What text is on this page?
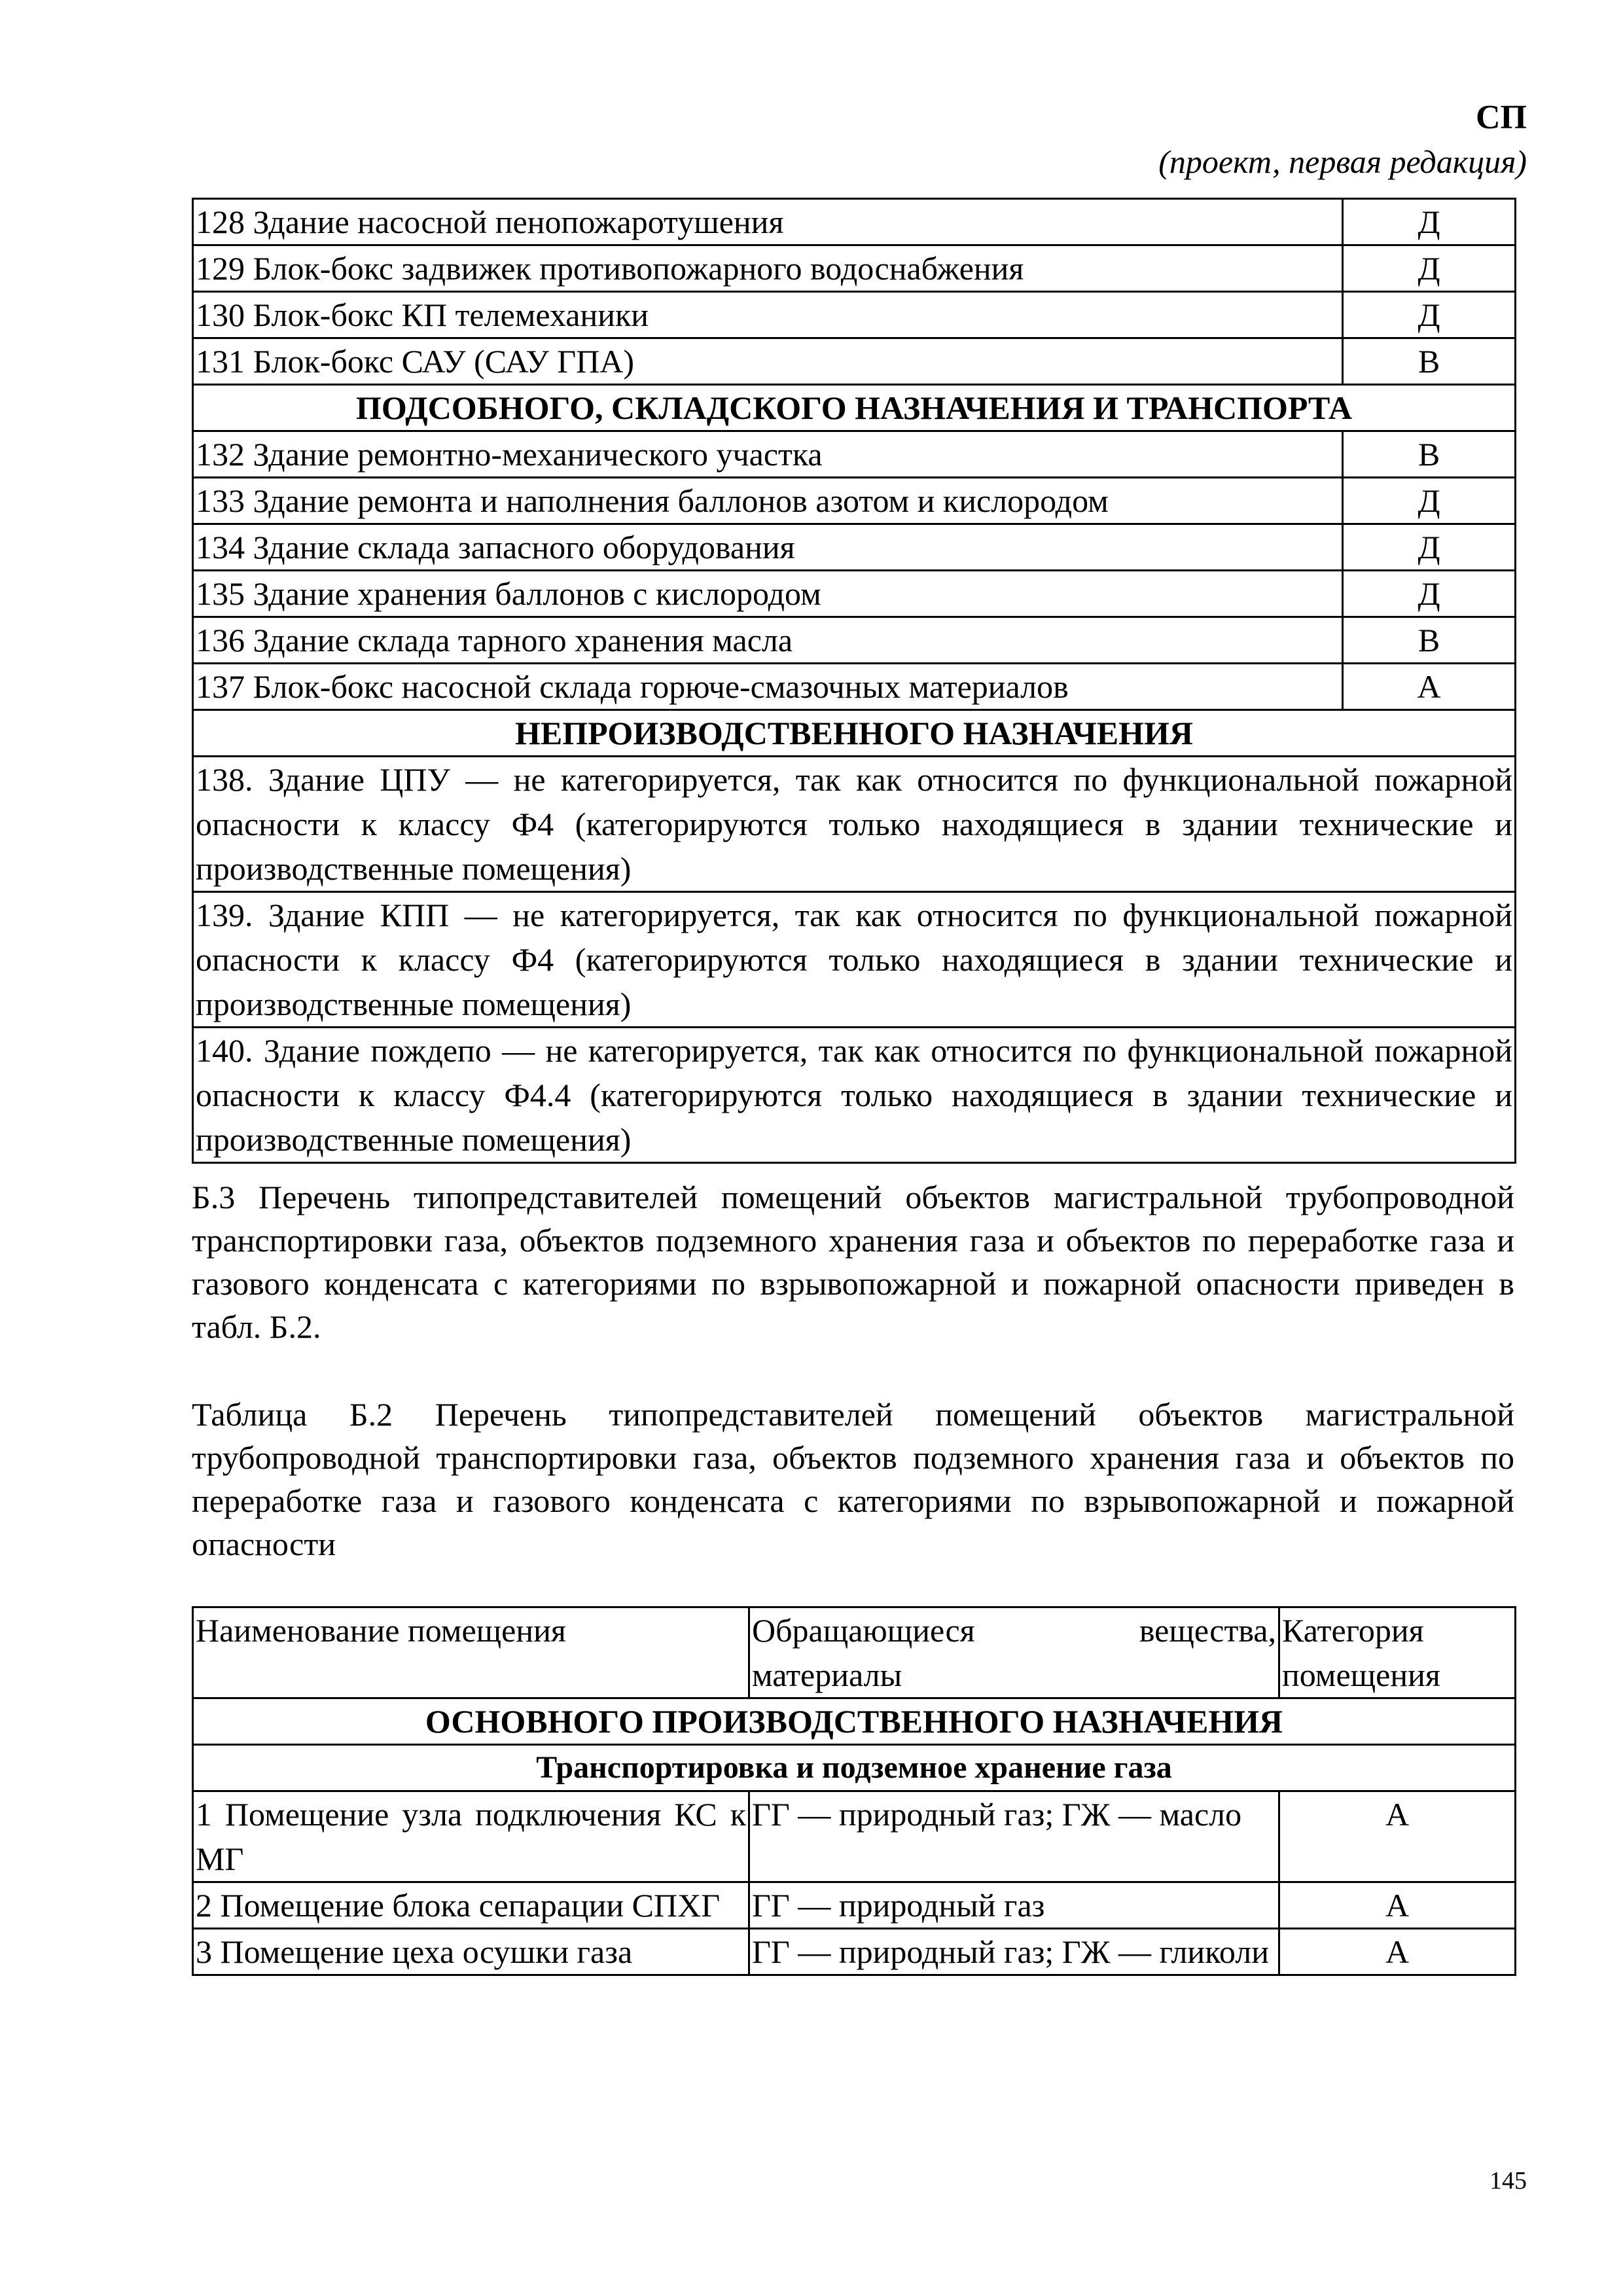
СП
(проект, первая редакция)
128 Здание насосной пенопожаротушения	Д
129 Блок-бокс задвижек противопожарного водоснабжения	Д
130 Блок-бокс КП телемеханики	Д
131 Блок-бокс САУ (САУ ГПА)	В
ПОДСОБНОГО, СКЛАДСКОГО НАЗНАЧЕНИЯ И ТРАНСПОРТА	
132 Здание ремонтно-механического участка	В
133 Здание ремонта и наполнения баллонов азотом и кислородом	Д
134 Здание склада запасного оборудования	Д
135 Здание хранения баллонов с кислородом	Д
136 Здание склада тарного хранения масла	В
137 Блок-бокс насосной склада горюче-смазочных материалов	А
НЕПРОИЗВОДСТВЕННОГО НАЗНАЧЕНИЯ	
138. Здание ЦПУ — не категорируется, так как относится по функциональной пожарной опасности к классу Ф4 (категорируются только находящиеся в здании технические и производственные помещения)	
139. Здание КПП — не категорируется, так как относится по функциональной пожарной опасности к классу Ф4 (категорируются только находящиеся в здании технические и производственные помещения)	
140. Здание пождепо — не категорируется, так как относится по функциональной пожарной опасности к классу Ф4.4 (категорируются только находящиеся в здании технические и производственные помещения)	
Б.3 Перечень типопредставителей помещений объектов магистральной трубопроводной транспортировки газа, объектов подземного хранения газа и объектов по переработке газа и газового конденсата с категориями по взрывопожарной и пожарной опасности приведен в табл. Б.2.
Таблица Б.2 Перечень типопредставителей помещений объектов магистральной трубопроводной транспортировки газа, объектов подземного хранения газа и объектов по переработке газа и газового конденсата с категориями по взрывопожарной и пожарной опасности
Наименование помещения	Обращающиеся вещества, материалы	Категория помещения
ОСНОВНОГО ПРОИЗВОДСТВЕННОГО НАЗНАЧЕНИЯ		
Транспортировка и подземное хранение газа		
1 Помещение узла подключения КС к МГ	ГГ — природный газ; ГЖ — масло	А
2 Помещение блока сепарации СПХГ	ГГ — природный газ	А
3 Помещение цеха осушки газа	ГГ — природный газ; ГЖ — гликоли	А
145
